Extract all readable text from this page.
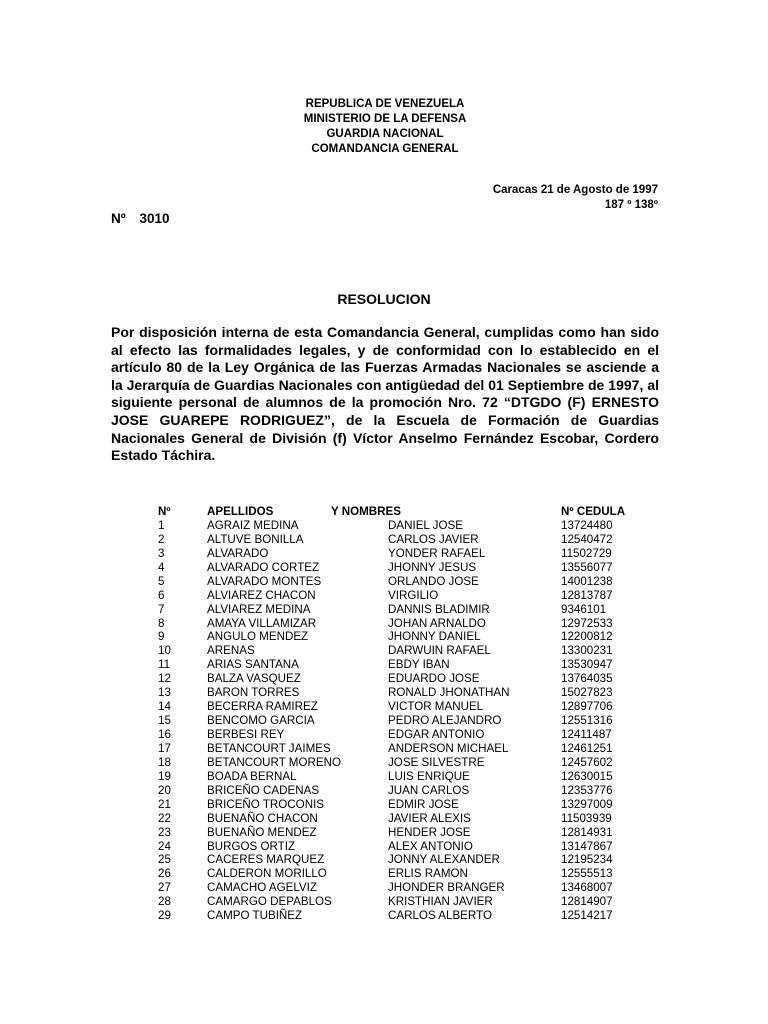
REPUBLICA DE VENEZUELA
MINISTERIO DE LA DEFENSA
GUARDIA NACIONAL
COMANDANCIA GENERAL
Caracas 21 de Agosto de 1997
187 º 138º
Nº 3010
RESOLUCION

Por disposición interna de esta Comandancia General, cumplidas como han sido al efecto las formalidades legales, y de conformidad con lo establecido en el artículo 80 de la Ley Orgánica de las Fuerzas Armadas Nacionales se asciende a la Jerarquía de Guardias Nacionales con antigüedad del 01 Septiembre de 1997, al siguiente personal de alumnos de la promoción Nro. 72 “DTGDO (F) ERNESTO JOSE GUAREPE RODRIGUEZ”, de la Escuela de Formación de Guardias Nacionales General de División (f) Víctor Anselmo Fernández Escobar, Cordero Estado Táchira.

Nº	APELLIDOS	Y NOMBRES	Nº CEDULA
1	AGRAIZ MEDINA	DANIEL JOSE	13724480
2	ALTUVE BONILLA	CARLOS JAVIER	12540472
3	ALVARADO	YONDER RAFAEL	11502729
4	ALVARADO CORTEZ	JHONNY JESUS	13556077
5	ALVARADO MONTES	ORLANDO JOSE	14001238
6	ALVIAREZ CHACON	VIRGILIO	12813787
7	ALVIAREZ MEDINA	DANNIS BLADIMIR	9346101
8	AMAYA VILLAMIZAR	JOHAN ARNALDO	12972533
9	ANGULO MENDEZ	JHONNY DANIEL	12200812
10	ARENAS	DARWUIN RAFAEL	13300231
11	ARIAS SANTANA	EBDY IBAN	13530947
12	BALZA VASQUEZ	EDUARDO JOSE	13764035
13	BARON TORRES	RONALD JHONATHAN	15027823
14	BECERRA RAMIREZ	VICTOR MANUEL	12897706
15	BENCOMO GARCIA	PEDRO ALEJANDRO	12551316
16	BERBESI REY	EDGAR ANTONIO	12411487
17	BETANCOURT JAIMES	ANDERSON MICHAEL	12461251
18	BETANCOURT MORENO	JOSE SILVESTRE	12457602
19	BOADA BERNAL	LUIS ENRIQUE	12630015
20	BRICEÑO CADENAS	JUAN CARLOS	12353776
21	BRICEÑO TROCONIS	EDMIR JOSE	13297009
22	BUENAÑO CHACON	JAVIER ALEXIS	11503939
23	BUENAÑO MENDEZ	HENDER JOSE	12814931
24	BURGOS ORTIZ	ALEX ANTONIO	13147867
25	CACERES MARQUEZ	JONNY ALEXANDER	12195234
26	CALDERON MORILLO	ERLIS RAMON	12555513
27	CAMACHO AGELVIZ	JHONDER BRANGER	13468007
28	CAMARGO DEPABLOS	KRISTHIAN JAVIER	12814907
29	CAMPO TUBIÑEZ	CARLOS ALBERTO	12514217
